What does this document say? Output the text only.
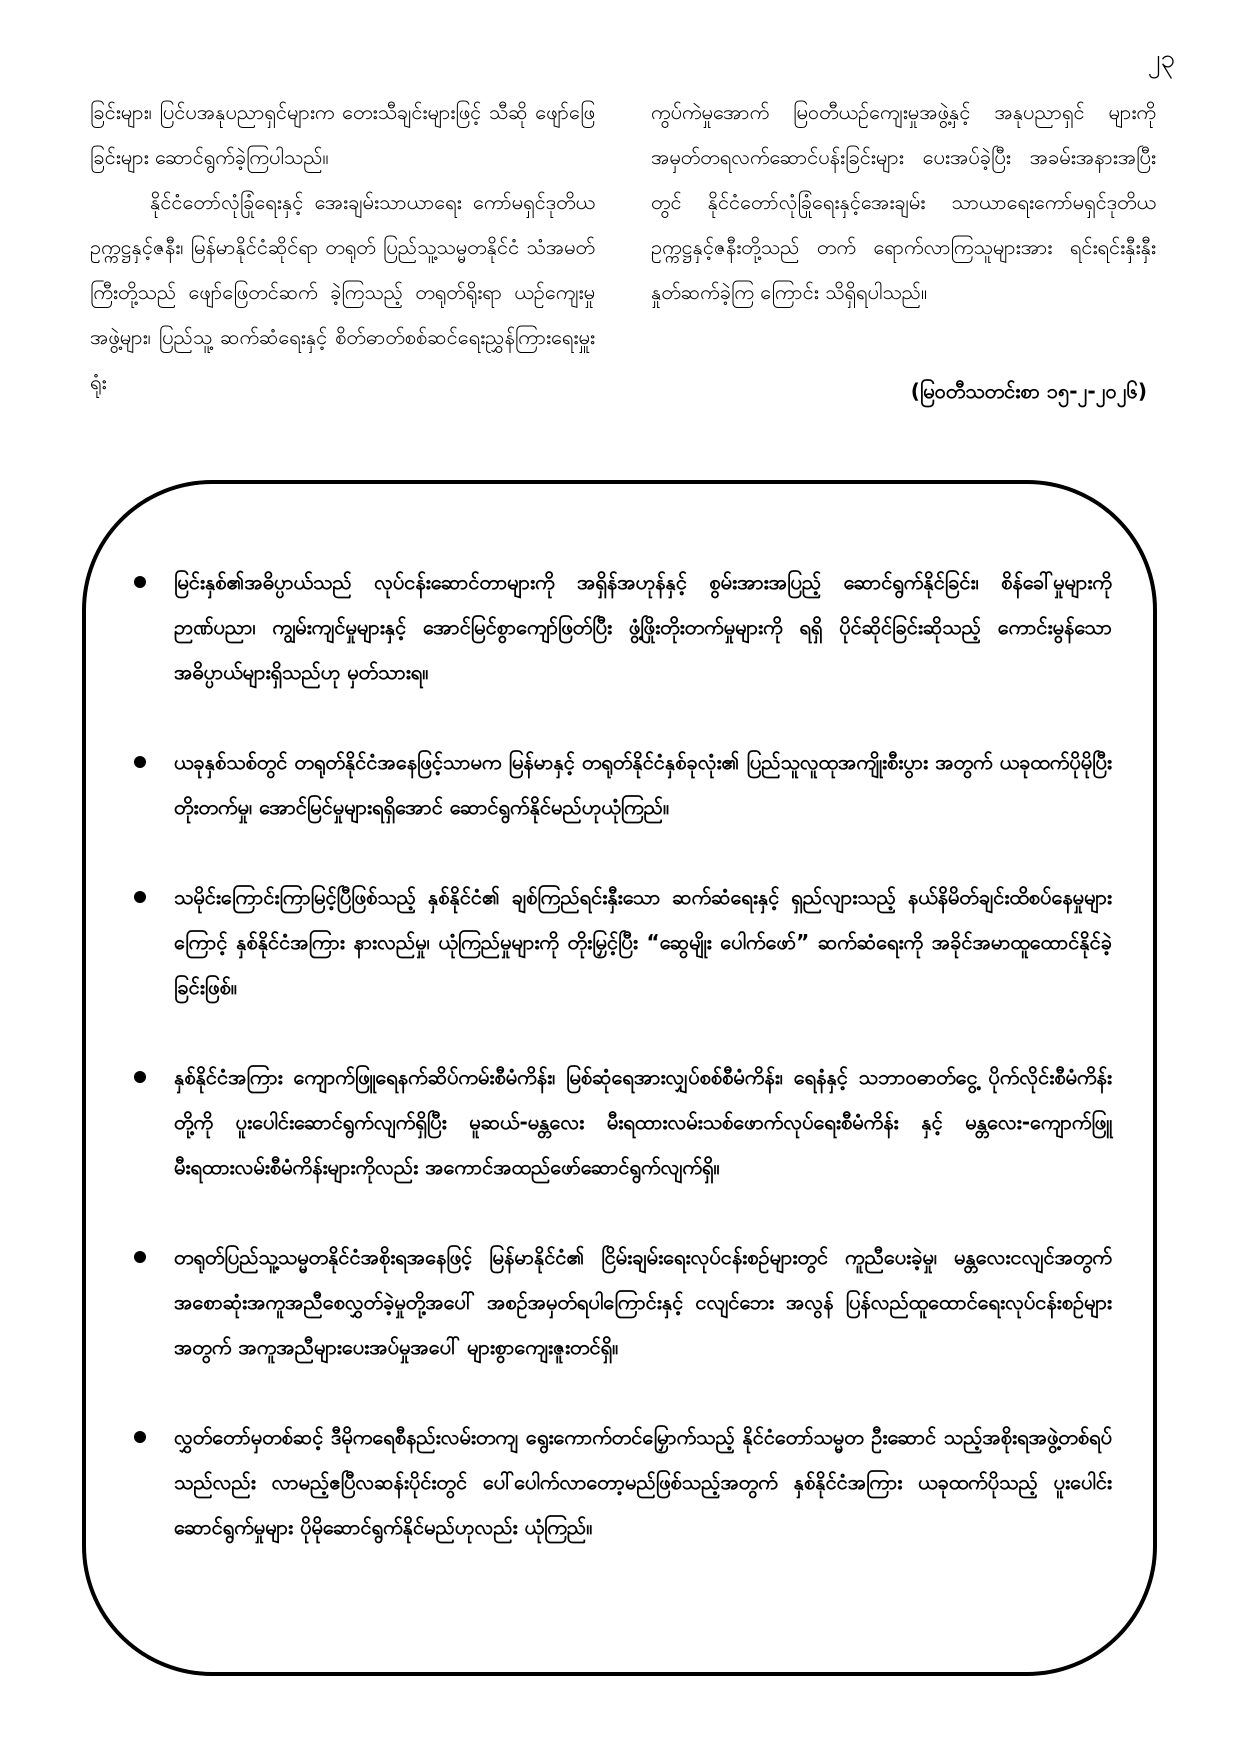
၂၃

ခြင်းများ၊ ပြင်ပအနုပညာရှင်များက တေးသီချင်းများဖြင့် သီဆို ဖျော်ဖြေခြင်းများ ဆောင်ရွက်ခဲ့ကြပါသည်။

နိုင်ငံတော်လုံခြုံရေးနှင့် အေးချမ်းသာယာရေး ကော်မရှင်ဒုတိယဥက္ကဋ္ဌနှင့်ဇနီး၊ မြန်မာနိုင်ငံဆိုင်ရာ တရုတ် ပြည်သူ့သမ္မတနိုင်ငံ သံအမတ်ကြီးတို့သည် ဖျော်ဖြေတင်ဆက် ခဲ့ကြသည့် တရုတ်ရိုးရာ ယဉ်ကျေးမှုအဖွဲ့များ၊ ပြည်သူ့ ဆက်ဆံရေးနှင့် စိတ်ဓာတ်စစ်ဆင်ရေးညွှန်ကြားရေးမှူးရုံး

ကွပ်ကဲမှုအောက် မြဝတီယဉ်ကျေးမှုအဖွဲ့နှင့် အနုပညာရှင် များကို အမှတ်တရလက်ဆောင်ပန်းခြင်းများ ပေးအပ်ခဲ့ပြီး အခမ်းအနားအပြီးတွင် နိုင်ငံတော်လုံခြုံရေးနှင့်အေးချမ်း သာယာရေးကော်မရှင်ဒုတိယဥက္ကဋ္ဌနှင့်ဇနီးတို့သည် တက် ရောက်လာကြသူများအား ရင်းရင်းနှီးနှီးနှုတ်ဆက်ခဲ့ကြ ကြောင်း သိရှိရပါသည်။

(မြဝတီသတင်းစာ ၁၅-၂-၂၀၂၆)
မြင်းနှစ်၏အဓိပ္ပာယ်သည် လုပ်ငန်းဆောင်တာများကို အရှိန်အဟုန်နှင့် စွမ်းအားအပြည့် ဆောင်ရွက်နိုင်ခြင်း၊ စိန်ခေါ်မှုများကို ဉာဏ်ပညာ၊ ကျွမ်းကျင်မှုများနှင့် အောင်မြင်စွာကျော်ဖြတ်ပြီး ဖွံ့ဖြိုးတိုးတက်မှုများကို ရရှိ ပိုင်ဆိုင်ခြင်းဆိုသည့် ကောင်းမွန်သောအဓိပ္ပာယ်များရှိသည်ဟု မှတ်သားရ။
ယခုနှစ်သစ်တွင် တရုတ်နိုင်ငံအနေဖြင့်သာမက မြန်မာနှင့် တရုတ်နိုင်ငံနှစ်ခုလုံး၏ ပြည်သူလူထုအကျိုးစီးပွား အတွက် ယခုထက်ပိုမိုပြီးတိုးတက်မှု၊ အောင်မြင်မှုများရရှိအောင် ဆောင်ရွက်နိုင်မည်ဟုယုံကြည်။
သမိုင်းကြောင်းကြာမြင့်ပြီဖြစ်သည့် နှစ်နိုင်ငံ၏ ချစ်ကြည်ရင်းနှီးသော ဆက်ဆံရေးနှင့် ရှည်လျားသည့် နယ်နိမိတ်ချင်းထိစပ်နေမှုများကြောင့် နှစ်နိုင်ငံအကြား နားလည်မှု၊ ယုံကြည်မှုများကို တိုးမြှင့်ပြီး “ဆွေမျိုး ပေါက်ဖော်” ဆက်ဆံရေးကို အခိုင်အမာထူထောင်နိုင်ခဲ့ခြင်းဖြစ်။
နှစ်နိုင်ငံအကြား ကျောက်ဖြူရေနက်ဆိပ်ကမ်းစီမံကိန်း၊ မြစ်ဆုံရေအားလျှပ်စစ်စီမံကိန်း၊ ရေနံနှင့် သဘာဝဓာတ်ငွေ့ ပိုက်လိုင်းစီမံကိန်းတို့ကို ပူးပေါင်းဆောင်ရွက်လျက်ရှိပြီး မူဆယ်-မန္တလေး မီးရထားလမ်းသစ်ဖောက်လုပ်ရေးစီမံကိန်း နှင့် မန္တလေး-ကျောက်ဖြူမီးရထားလမ်းစီမံကိန်းများကိုလည်း အကောင်အထည်ဖော်ဆောင်ရွက်လျက်ရှိ။
တရုတ်ပြည်သူ့သမ္မတနိုင်ငံအစိုးရအနေဖြင့် မြန်မာနိုင်ငံ၏ ငြိမ်းချမ်းရေးလုပ်ငန်းစဉ်များတွင် ကူညီပေးခဲ့မှု၊ မန္တလေးငလျင်အတွက် အစောဆုံးအကူအညီစေလွှတ်ခဲ့မှုတို့အပေါ် အစဉ်အမှတ်ရပါကြောင်းနှင့် ငလျင်ဘေး အလွန် ပြန်လည်ထူထောင်ရေးလုပ်ငန်းစဉ်များအတွက် အကူအညီများပေးအပ်မှုအပေါ် များစွာကျေးဇူးတင်ရှိ။
လွှတ်တော်မှတစ်ဆင့် ဒီမိုကရေစီနည်းလမ်းတကျ ရွေးကောက်တင်မြှောက်သည့် နိုင်ငံတော်သမ္မတ ဦးဆောင် သည့်အစိုးရအဖွဲ့တစ်ရပ်သည်လည်း လာမည့်ဧပြီလဆန်းပိုင်းတွင် ပေါ်ပေါက်လာတော့မည်ဖြစ်သည့်အတွက် နှစ်နိုင်ငံအကြား ယခုထက်ပိုသည့် ပူးပေါင်းဆောင်ရွက်မှုများ ပိုမိုဆောင်ရွက်နိုင်မည်ဟုလည်း ယုံကြည်။
